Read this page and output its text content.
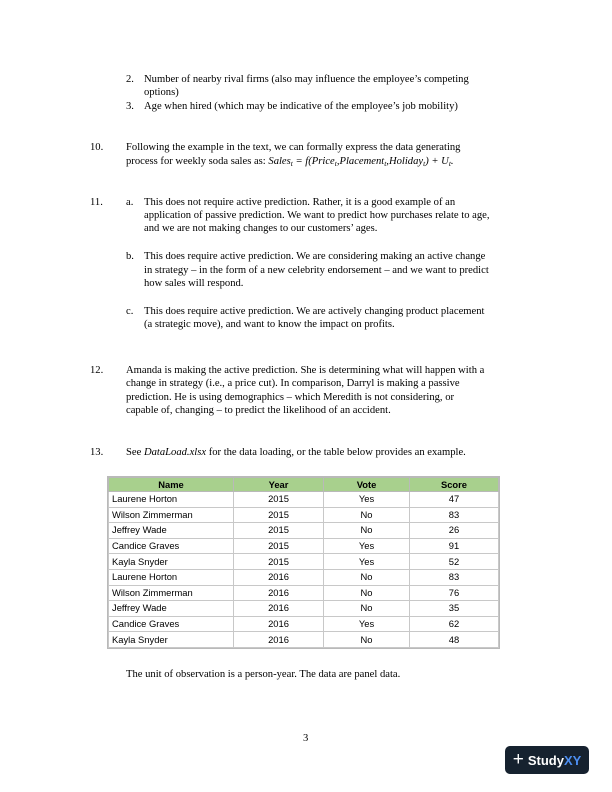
2. Number of nearby rival firms (also may influence the employee’s competing
options)
3. Age when hired (which may be indicative of the employee’s job mobility)
10. Following the example in the text, we can formally express the data generating
process for weekly soda sales as: Sales$_t$ = f(Price$_t$,Placement$_t$,Holiday$_t$) + $U_t$.
11. a. This does not require active prediction. Rather, it is a good example of an
application of passive prediction. We want to predict how purchases relate to age,
and we are not making changes to our customers’ ages.
b. This does require active prediction. We are considering making an active change
in strategy – in the form of a new celebrity endorsement – and we want to predict
how sales will respond.
c. This does require active prediction. We are actively changing product placement
(a strategic move), and want to know the impact on profits.
12. Amanda is making the active prediction. She is determining what will happen with a
change in strategy (i.e., a price cut). In comparison, Darryl is making a passive
prediction. He is using demographics – which Meredith is not considering, or
capable of, changing – to predict the likelihood of an accident.
13. See DataLoad.xlsx for the data loading, or the table below provides an example.
Name	Year	Vote	Score
Laurene Horton	2015	Yes	47
Wilson Zimmerman	2015	No	83
Jeffrey Wade	2015	No	26
Candice Graves	2015	Yes	91
Kayla Snyder	2015	Yes	52
Laurene Horton	2016	No	83
Wilson Zimmerman	2016	No	76
Jeffrey Wade	2016	No	35
Candice Graves	2016	Yes	62
Kayla Snyder	2016	No	48
The unit of observation is a person-year. The data are panel data.
3
+ Study XY
